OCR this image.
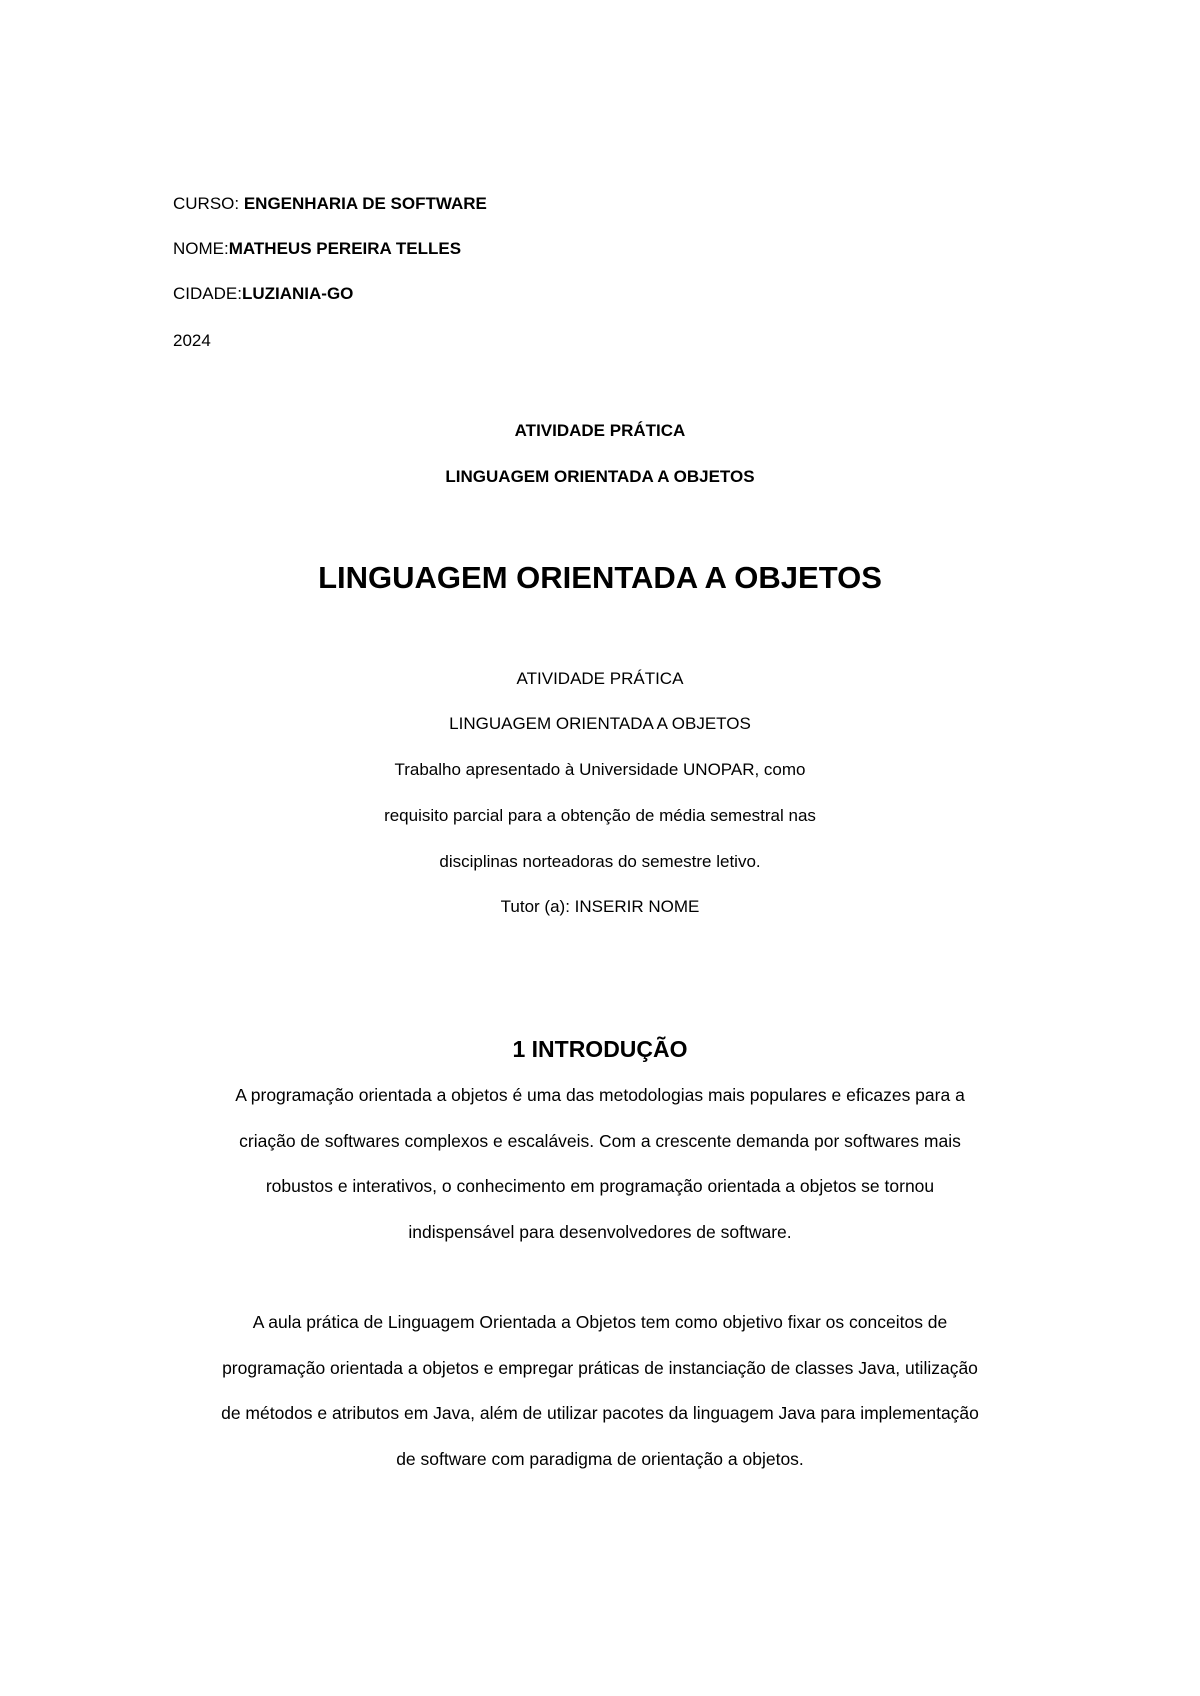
CURSO: ENGENHARIA DE SOFTWARE
NOME:MATHEUS PEREIRA TELLES
CIDADE:LUZIANIA-GO
2024
ATIVIDADE PRÁTICA
LINGUAGEM ORIENTADA A OBJETOS
LINGUAGEM ORIENTADA A OBJETOS
ATIVIDADE PRÁTICA
LINGUAGEM ORIENTADA A OBJETOS
Trabalho apresentado à Universidade UNOPAR, como
requisito parcial para a obtenção de média semestral nas
disciplinas norteadoras do semestre letivo.
Tutor (a): INSERIR NOME
1 INTRODUÇÃO
A programação orientada a objetos é uma das metodologias mais populares e eficazes para a criação de softwares complexos e escaláveis. Com a crescente demanda por softwares mais robustos e interativos, o conhecimento em programação orientada a objetos se tornou indispensável para desenvolvedores de software.
A aula prática de Linguagem Orientada a Objetos tem como objetivo fixar os conceitos de programação orientada a objetos e empregar práticas de instanciação de classes Java, utilização de métodos e atributos em Java, além de utilizar pacotes da linguagem Java para implementação de software com paradigma de orientação a objetos.
